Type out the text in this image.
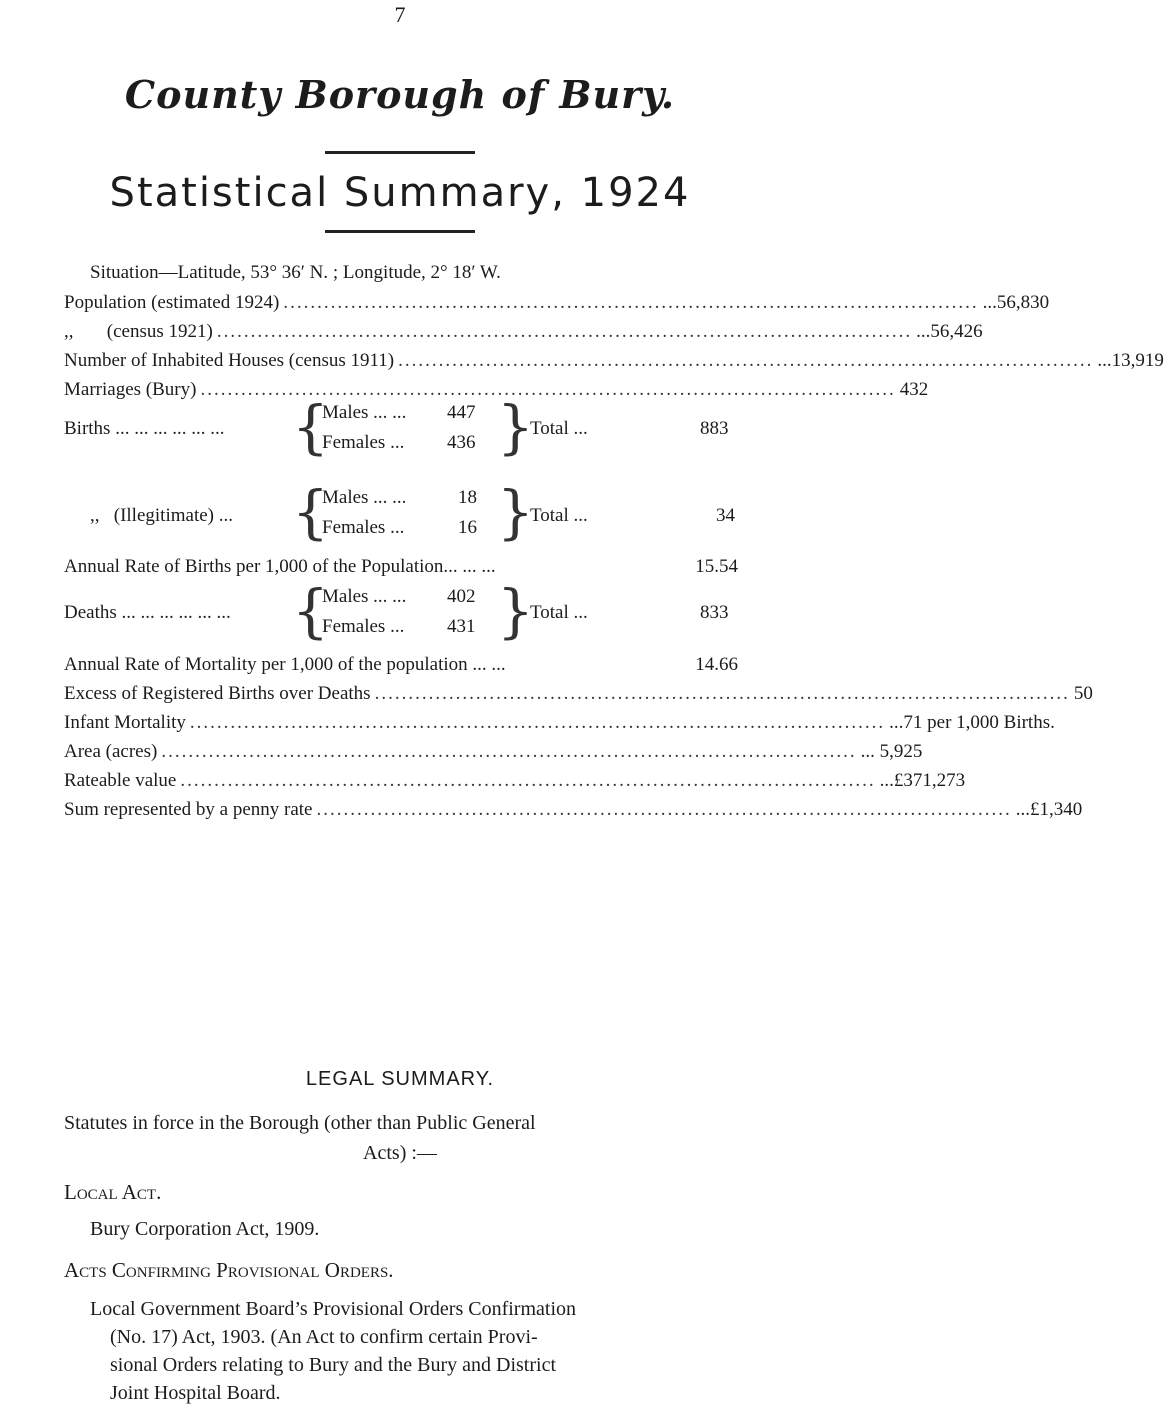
7
County Borough of Bury.
Statistical Summary, 1924
Situation—Latitude, 53° 36′ N. ; Longitude, 2° 18′ W.
Population (estimated 1924) ....................................................................................................... ...56,830
,,       (census 1921) ....................................................................................................... ...56,426
Number of Inhabited Houses (census 1911) ....................................................................................................... ...13,919
Marriages (Bury) ....................................................................................................... 432
Births ... ... ... ... ... ... {
Males ... ... 447
Females ... 436 }
Total ...	883
,,   (Illegitimate) ... {
Males ... ...	18
Females ...	16 }
Total ...	34
Annual Rate of Births per 1,000 of the Population... ... ...	15.54
Deaths ... ... ... ... ... ... {
Males ... ... 402
Females ... 431 }
Total ...	833
Annual Rate of Mortality per 1,000 of the population ... ...	14.66
Excess of Registered Births over Deaths ....................................................................................................... 50
Infant Mortality ....................................................................................................... ...71 per 1,000 Births.
Area (acres) ....................................................................................................... ... 5,925
Rateable value ....................................................................................................... ...£371,273
Sum represented by a penny rate ....................................................................................................... ...£1,340
LEGAL SUMMARY.
Statutes in force in the Borough (other than Public General
Acts) :—
Local Act.
Bury Corporation Act, 1909.
Acts Confirming Provisional Orders.
Local Government Board’s Provisional Orders Confirmation
(No. 17) Act, 1903. (An Act to confirm certain Provi-
sional Orders relating to Bury and the Bury and District
Joint Hospital Board.
